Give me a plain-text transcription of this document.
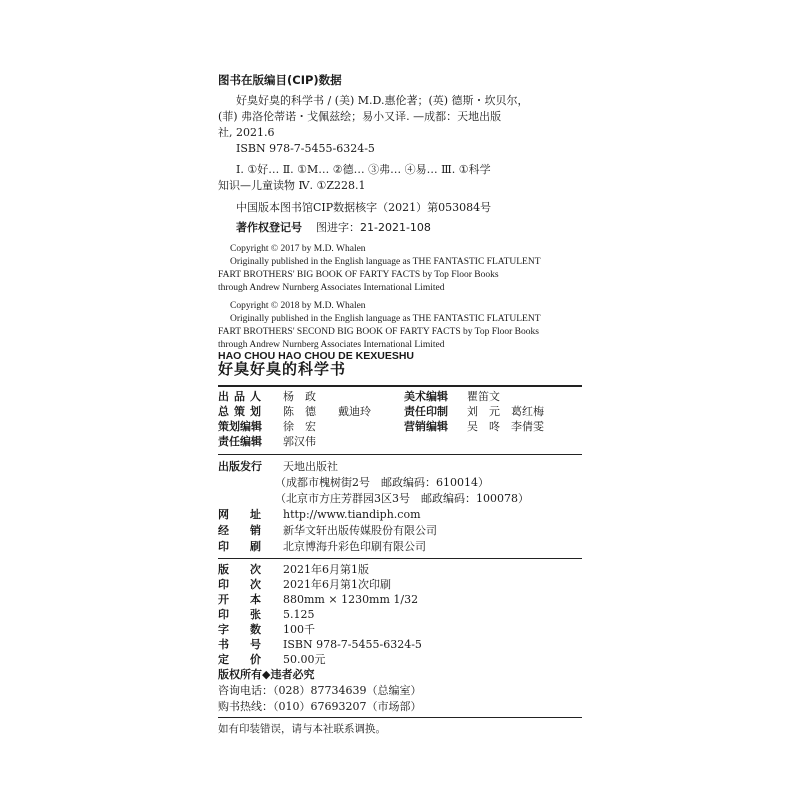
图书在版编目(CIP)数据
好臭好臭的科学书 / (美) M.D.惠伦著；(英) 德斯・坎贝尔，
(菲) 弗洛伦蒂诺・戈佩兹绘；易小又译. —成都：天地出版
社, 2021.6
ISBN 978-7-5455-6324-5
Ⅰ. ①好… Ⅱ. ①M… ②德… ③弗… ④易… Ⅲ. ①科学
知识—儿童读物 Ⅳ. ①Z228.1
中国版本图书馆CIP数据核字（2021）第053084号
著作权登记号 图进字：21-2021-108
Copyright © 2017 by M.D. Whalen
Originally published in the English language as THE FANTASTIC FLATULENT
FART BROTHERS' BIG BOOK OF FARTY FACTS by Top Floor Books
through Andrew Nurnberg Associates International Limited
Copyright © 2018 by M.D. Whalen
Originally published in the English language as THE FANTASTIC FLATULENT
FART BROTHERS' SECOND BIG BOOK OF FARTY FACTS by Top Floor Books
through Andrew Nurnberg Associates International Limited
HAO CHOU HAO CHOU DE KEXUESHU
好臭好臭的科学书
出品人 杨　政
总策划 陈　德　　戴迪玲
策划编辑 徐　宏
责任编辑 郭汉伟
美术编辑 瞿笛文
责任印制 刘　元　葛红梅
营销编辑 吴　咚　李倩雯
出版发行 天地出版社
（成都市槐树街2号　邮政编码：610014）
（北京市方庄芳群园3区3号　邮政编码：100078）
网　址 http://www.tiandiph.com
经　销 新华文轩出版传媒股份有限公司
印　刷 北京博海升彩色印刷有限公司
版　次 2021年6月第1版
印　次 2021年6月第1次印刷
开　本 880mm × 1230mm 1/32
印　张 5.125
字　数 100千
书　号 ISBN 978-7-5455-6324-5
定　价 50.00元
版权所有◆违者必究
咨询电话：（028）87734639（总编室）
购书热线：（010）67693207（市场部）
如有印装错误，请与本社联系调换。
